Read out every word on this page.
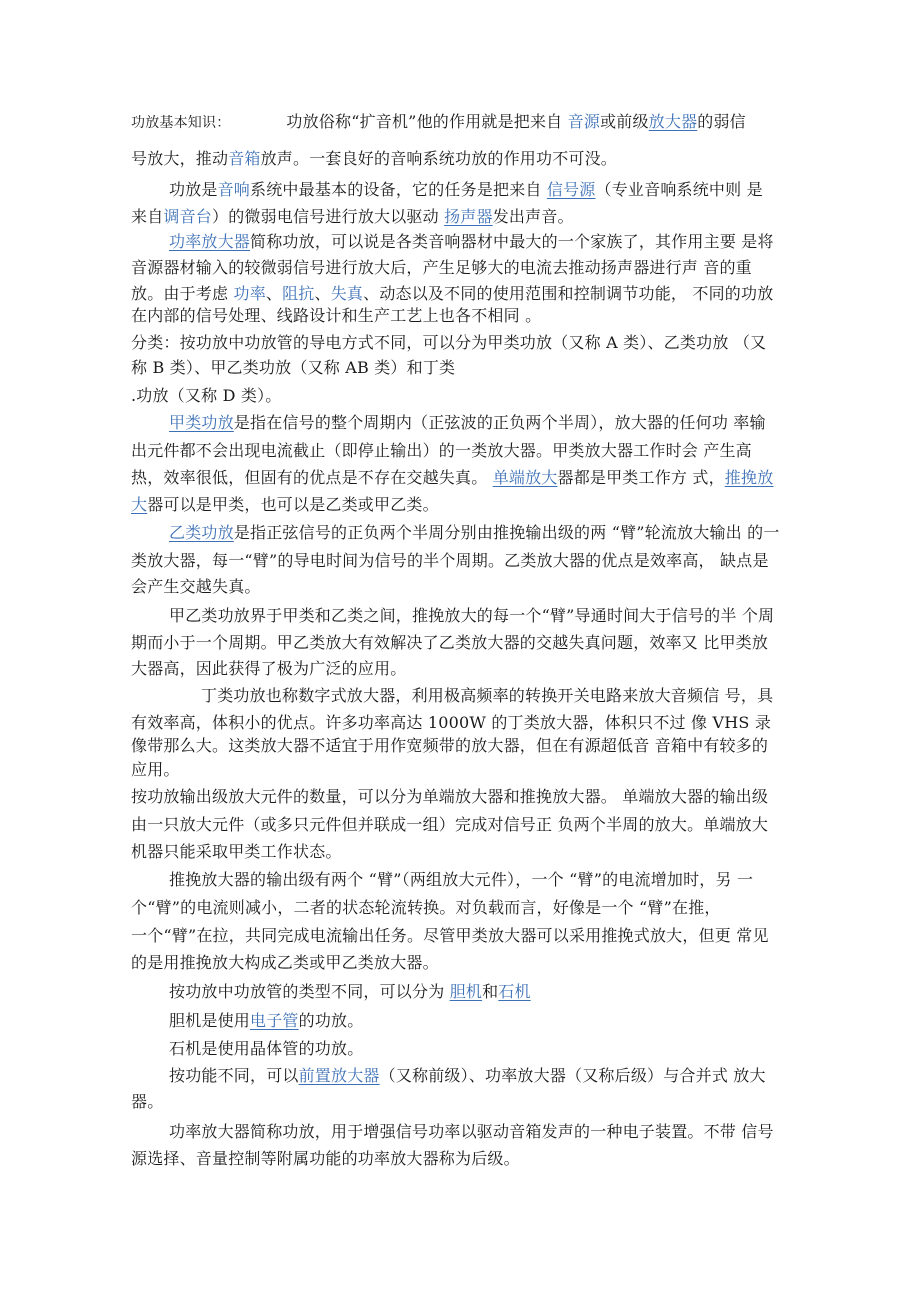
功放基本知识：	功放俗称“扩音机”他的作用就是把来自 音源或前级放大器的弱信
号放大，推动音箱放声。一套良好的音响系统功放的作用功不可没。
功放是音响系统中最基本的设备，它的任务是把来自 信号源（专业音响系统中则 是
来自调音台）的微弱电信号进行放大以驱动 扬声器发出声音。
功率放大器简称功放，可以说是各类音响器材中最大的一个家族了，其作用主要 是将
音源器材输入的较微弱信号进行放大后，产生足够大的电流去推动扬声器进行声 音的重
放。由于考虑 功率、阻抗、失真、动态以及不同的使用范围和控制调节功能， 不同的功放
在内部的信号处理、线路设计和生产工艺上也各不相同 。
分类：按功放中功放管的导电方式不同，可以分为甲类功放（又称 A 类）、乙类功放 （又
称 B 类）、甲乙类功放（又称 AB 类）和丁类
.功放（又称 D 类）。
甲类功放是指在信号的整个周期内（正弦波的正负两个半周），放大器的任何功 率输
出元件都不会出现电流截止（即停止输出）的一类放大器。甲类放大器工作时会 产生高
热，效率很低，但固有的优点是不存在交越失真。 单端放大器都是甲类工作方 式，推挽放
大器可以是甲类，也可以是乙类或甲乙类。
乙类功放是指正弦信号的正负两个半周分别由推挽输出级的两 “臂”轮流放大输出 的一
类放大器，每一“臂”的导电时间为信号的半个周期。乙类放大器的优点是效率高， 缺点是
会产生交越失真。
甲乙类功放界于甲类和乙类之间，推挽放大的每一个“臂”导通时间大于信号的半 个周
期而小于一个周期。甲乙类放大有效解决了乙类放大器的交越失真问题，效率又 比甲类放
大器高，因此获得了极为广泛的应用。
丁类功放也称数字式放大器，利用极高频率的转换开关电路来放大音频信 号，具
有效率高，体积小的优点。许多功率高达 1000W 的丁类放大器，体积只不过 像 VHS 录
像带那么大。这类放大器不适宜于用作宽频带的放大器，但在有源超低音 音箱中有较多的
应用。
按功放输出级放大元件的数量，可以分为单端放大器和推挽放大器。 单端放大器的输出级
由一只放大元件（或多只元件但并联成一组）完成对信号正 负两个半周的放大。单端放大
机器只能采取甲类工作状态。
推挽放大器的输出级有两个 “臂”（两组放大元件），一个 “臂”的电流增加时，另 一
个“臂”的电流则减小，二者的状态轮流转换。对负载而言，好像是一个 “臂”在推，
一个“臂”在拉，共同完成电流输出任务。尽管甲类放大器可以采用推挽式放大，但更 常见
的是用推挽放大构成乙类或甲乙类放大器。
按功放中功放管的类型不同，可以分为 胆机和石机
胆机是使用电子管的功放。
石机是使用晶体管的功放。
按功能不同，可以前置放大器（又称前级）、功率放大器（又称后级）与合并式 放大
器。
功率放大器简称功放，用于增强信号功率以驱动音箱发声的一种电子装置。不带 信号
源选择、音量控制等附属功能的功率放大器称为后级。
